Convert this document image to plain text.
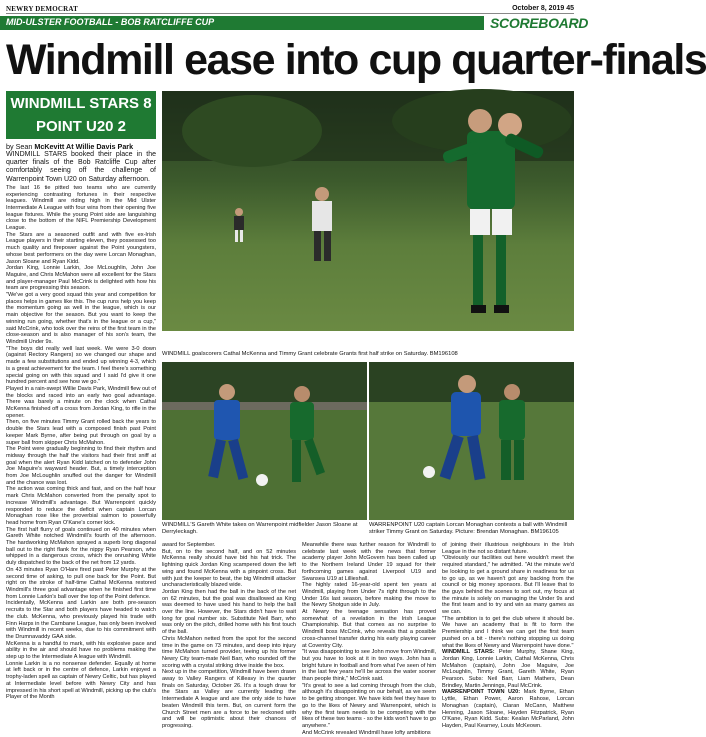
NEWRY DEMOCRAT	October 8, 2019 45
MID-ULSTER FOOTBALL - BOB RATCLIFFE CUP	SCOREBOARD
Windmill ease into cup quarter-finals
WINDMILL STARS 8
POINT U20 2
by Sean McKevitt At Willie Davis Park

WINDMILL STARS booked their place in the quarter finals of the Bob Ratcliffe Cup after comfortably seeing off the challenge of Warrenpoint Town U20 on Saturday afternoon.

The last 16 tie pitted two teams who are currently experiencing contrasting fortunes in their respective leagues. Windmill are riding high in the Mid Ulster Intermediate A League with four wins from their opening five league fixtures. While the young Point side are languishing close to the bottom of the NIFL Premiership Development League.

The Stars are a seasoned outfit and with five ex-Irish League players in their starting eleven, they possessed too much quality and firepower against the Point youngsters, whose best performers on the day were Lorcan Monaghan, Jason Sloane and Ryan Kidd.

Jordan King, Lonnie Larkin, Joe McLoughlin, John Joe Maguire, and Chris McMahon were all excellent for the Stars and player-manager Paul McCrink is delighted with how his team are progressing this season.

"We've got a very good squad this year and competition for places helps in games like this. The cup runs help you keep the momentum going as well in the league, which is our main objective for the season. But you want to keep the winning run going, whether that's in the league or a cup," said McCrink, who took over the reins of the first team in the close-season and is also manager of his son's team, the Windmill Under 9s.

"The boys did really well last week. We were 3-0 down (against Rectory Rangers) so we changed our shape and made a few substitutions and ended up winning 4-3, which is a great achievement for the team. I feel there's something special going on with this squad and I said I'd give it one hundred percent and see how we go."

Played in a rain-swept Willie Davis Park, Windmill flew out of the blocks and raced into an early two goal advantage. There was barely a minute on the clock when Cathal McKenna finished off a cross from Jordan King, to rifle in the opener.

Then, on five minutes Timmy Grant rolled back the years to double the Stars lead with a composed finish past Point keeper Mark Byrne, after being put through on goal by a super ball from skipper Chris McMahon.

The Point were gradually beginning to find their rhythm and midway through the half the visitors had their first sniff at goal when the alert Ryan Kidd latched on to defender John Joe Maguire's wayward header. But, a timely interception from Joe McLoughlin snuffed out the danger for Windmill and the chance was lost.

The action was coming thick and fast, and on the half hour mark Chris McMahon converted from the penalty spot to increase Windmill's advantage. But Warrenpoint quickly responded to reduce the deficit when captain Lorcan Monaghan rose like the proverbial salmon to powerfully head home from Ryan O'Kane's corner kick.

The first half flurry of goals continued on 40 minutes when Gareth White notched Windmill's fourth of the afternoon. The hardworking McMahon sprayed a superb long diagonal ball out to the right flank for the nippy Ryan Pearson, who whipped in a dangerous cross, which the onrushing White duly dispatched to the back of the net from 12 yards.

On 43 minutes Ryan O'Hare fired past Peter Murphy at the second time of asking, to pull one back for the Point. But right on the stroke of half-time Cathal McKenna restored Windmill's three goal advantage when he finished first time from Lonnie Larkin's ball over the top of the Point defence.

Incidentally, McKenna and Larkin are both pre-season recruits to the Star and both players have headed to watch the club. McKenna, who previously played his trade with Finn Harps in the Carnbane League, has only been involved with Windmill in recent weeks, due to his commitment with the Drumnavaddy GAA side.

McKenna is a handful to mark, with his explosive pace and ability in the air and should have no problems making the step up to the Intermediate A league with Windmill.

Lonnie Larkin is a no nonsense defender. Equally at home at left back or in the centre of defence, Larkin enjoyed a trophy-laden spell as captain of Newry Celtic, but has played at Intermediate level before with Newry City and has impressed in his short spell at Windmill, picking up the club's Player of the Month

WINDMILL goalscorers Cathal McKenna and Timmy Grant celebrate Grants first half strike on Saturday. BM196108
WINDMILL'S Gareth White takes on Warrenpoint midfielder Jason Sloane at Derryleckagh.
WARRENPOINT U20 captain Lorcan Monaghan contests a ball with Windmill striker Timmy Grant on Saturday. Picture: Brendan Monaghan. BM196105

award for September.

But, on to the second half, and on 52 minutes McKenna really should have bid his hat trick. The lightning quick Jordan King scampered down the left wing and found McKenna with a pinpoint cross. But with just the keeper to beat, the big Windmill attacker uncharacteristically blazed wide.

Jordan King then had the ball in the back of the net on 62 minutes, but the goal was disallowed as King was deemed to have used his hand to help the ball over the line. However, the Stars didn't have to wait long for goal number six. Substitute Neil Barr, who was only on the pitch, drilled home with his first touch of the ball.

Chris McMahon netted from the spot for the second time in the game on 73 minutes, and deep into injury time McMahon turned provider, teeing up his former Newry City team-mate Neil Barr, who rounded off the scoring with a crystal striking drive inside the box.

Next up in the competition, Windmill have been drawn away to Valley Rangers of Killeavy in the quarter finals on Saturday, October 26. It's a tough draw for the Stars as Valley are currently leading the Intermediate A league and are the only side to have beaten Windmill this term. But, on current form the Church Street men are a force to be reckoned with and will be optimistic about their chances of progressing.

Meanwhile there was further reason for Windmill to celebrate last week with the news that former academy player John McGovern has been called up to the Northern Ireland Under 19 squad for their forthcoming games against Liverpool U19 and Swansea U19 at Lillieshall.

The highly rated 16-year-old spent ten years at Windmill, playing from Under 7s right through to the Under 16s last season, before making the move to the Newry Shotgun side in July.

At Newry the teenage sensation has proved somewhat of a revelation in the Irish League Championship. But that comes as no surprise to Windmill boss McCrink, who reveals that a possible cross-channel transfer during his early playing career at Coventry City.

"It was disappointing to see John move from Windmill, but you have to look at it in two ways. John has a bright future in football and from what I've seen of him in the last few years he'll be across the water sooner than people think," McCrink said.

"It's great to see a lad coming through from the club, although it's disappointing on our behalf, as we seem to be getting stronger. We have kids feel they have to go to the likes of Newry and Warrenpoint, which is why the first team needs to be competing with the likes of these two teams - so the kids won't have to go anywhere."

And McCrink revealed Windmill have lofty ambitions

of joining their illustrious neighbours in the Irish League in the not so distant future.

"Obviously our facilities out here wouldn't meet the required standard," he admitted. "At the minute we'd be looking to get a ground share in readiness for us to go up, as we haven't got any backing from the council or big money sponsors. But I'll leave that to the guys behind the scenes to sort out, my focus at the minute is solely on managing the Under 9s and the first team and to try and win as many games as we can.

"The ambition is to get the club where it should be. We have an academy that is fit to form the Premiership and I think we can get the first team pushed on a bit - there's nothing stopping us doing what the likes of Newry and Warrenpoint have done."

WINDMILL STARS: Peter Murphy, Shane King, Jordan King, Lonnie Larkin, Cathal McKenna, Chris McMahon (captain), John Joe Maguire, Joe McLoughlin, Timmy Grant, Gareth White, Ryan Pearson. Subs: Neil Barr, Liam Mathers, Dean Brindley, Martin Jennings, Paul McCrink.

WARRENPOINT TOWN U20: Mark Byrne, Ethan Lyttle, Ethan Power, Aaron Rahose, Lorcan Monaghan (captain), Ciaran McCann, Matthew Henning, Jason Sloane, Hayden Fitzpatrick, Ryan O'Kane, Ryan Kidd. Subs: Kealan McParland, John Hayden, Paul Kearney, Louis McKeown.
